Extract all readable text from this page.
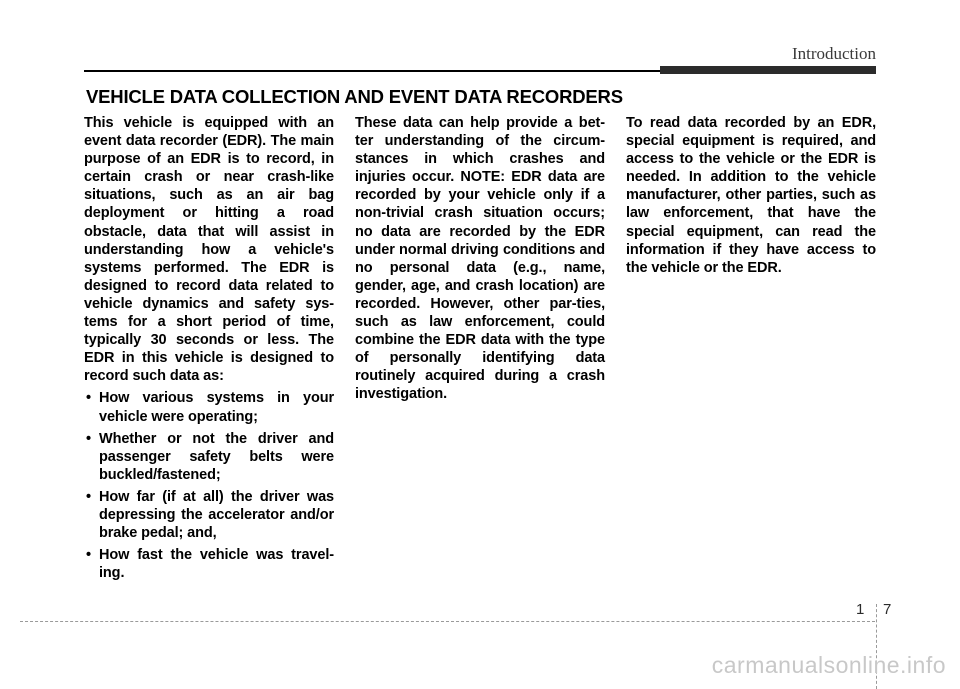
Introduction
VEHICLE DATA COLLECTION AND EVENT DATA RECORDERS

This vehicle is equipped with an event data recorder (EDR). The main purpose of an EDR is to record, in certain crash or near crash-like situations, such as an air bag deployment or hitting a road obstacle, data that will assist in understanding how a vehicle's systems performed. The EDR is designed to record data related to vehicle dynamics and safety sys-tems for a short period of time, typically 30 seconds or less. The EDR in this vehicle is designed to record such data as:

• How various systems in your vehicle were operating;
• Whether or not the driver and passenger safety belts were buckled/fastened;
• How far (if at all) the driver was depressing the accelerator and/or brake pedal; and,
• How fast the vehicle was travel-ing.

These data can help provide a bet-ter understanding of the circum-stances in which crashes and injuries occur. NOTE: EDR data are recorded by your vehicle only if a non-trivial crash situation occurs; no data are recorded by the EDR under normal driving conditions and no personal data (e.g., name, gender, age, and crash location) are recorded. However, other par-ties, such as law enforcement, could combine the EDR data with the type of personally identifying data routinely acquired during a crash investigation.

To read data recorded by an EDR, special equipment is required, and access to the vehicle or the EDR is needed. In addition to the vehicle manufacturer, other parties, such as law enforcement, that have the special equipment, can read the information if they have access to the vehicle or the EDR.

1 7
carmanualsonline.info
